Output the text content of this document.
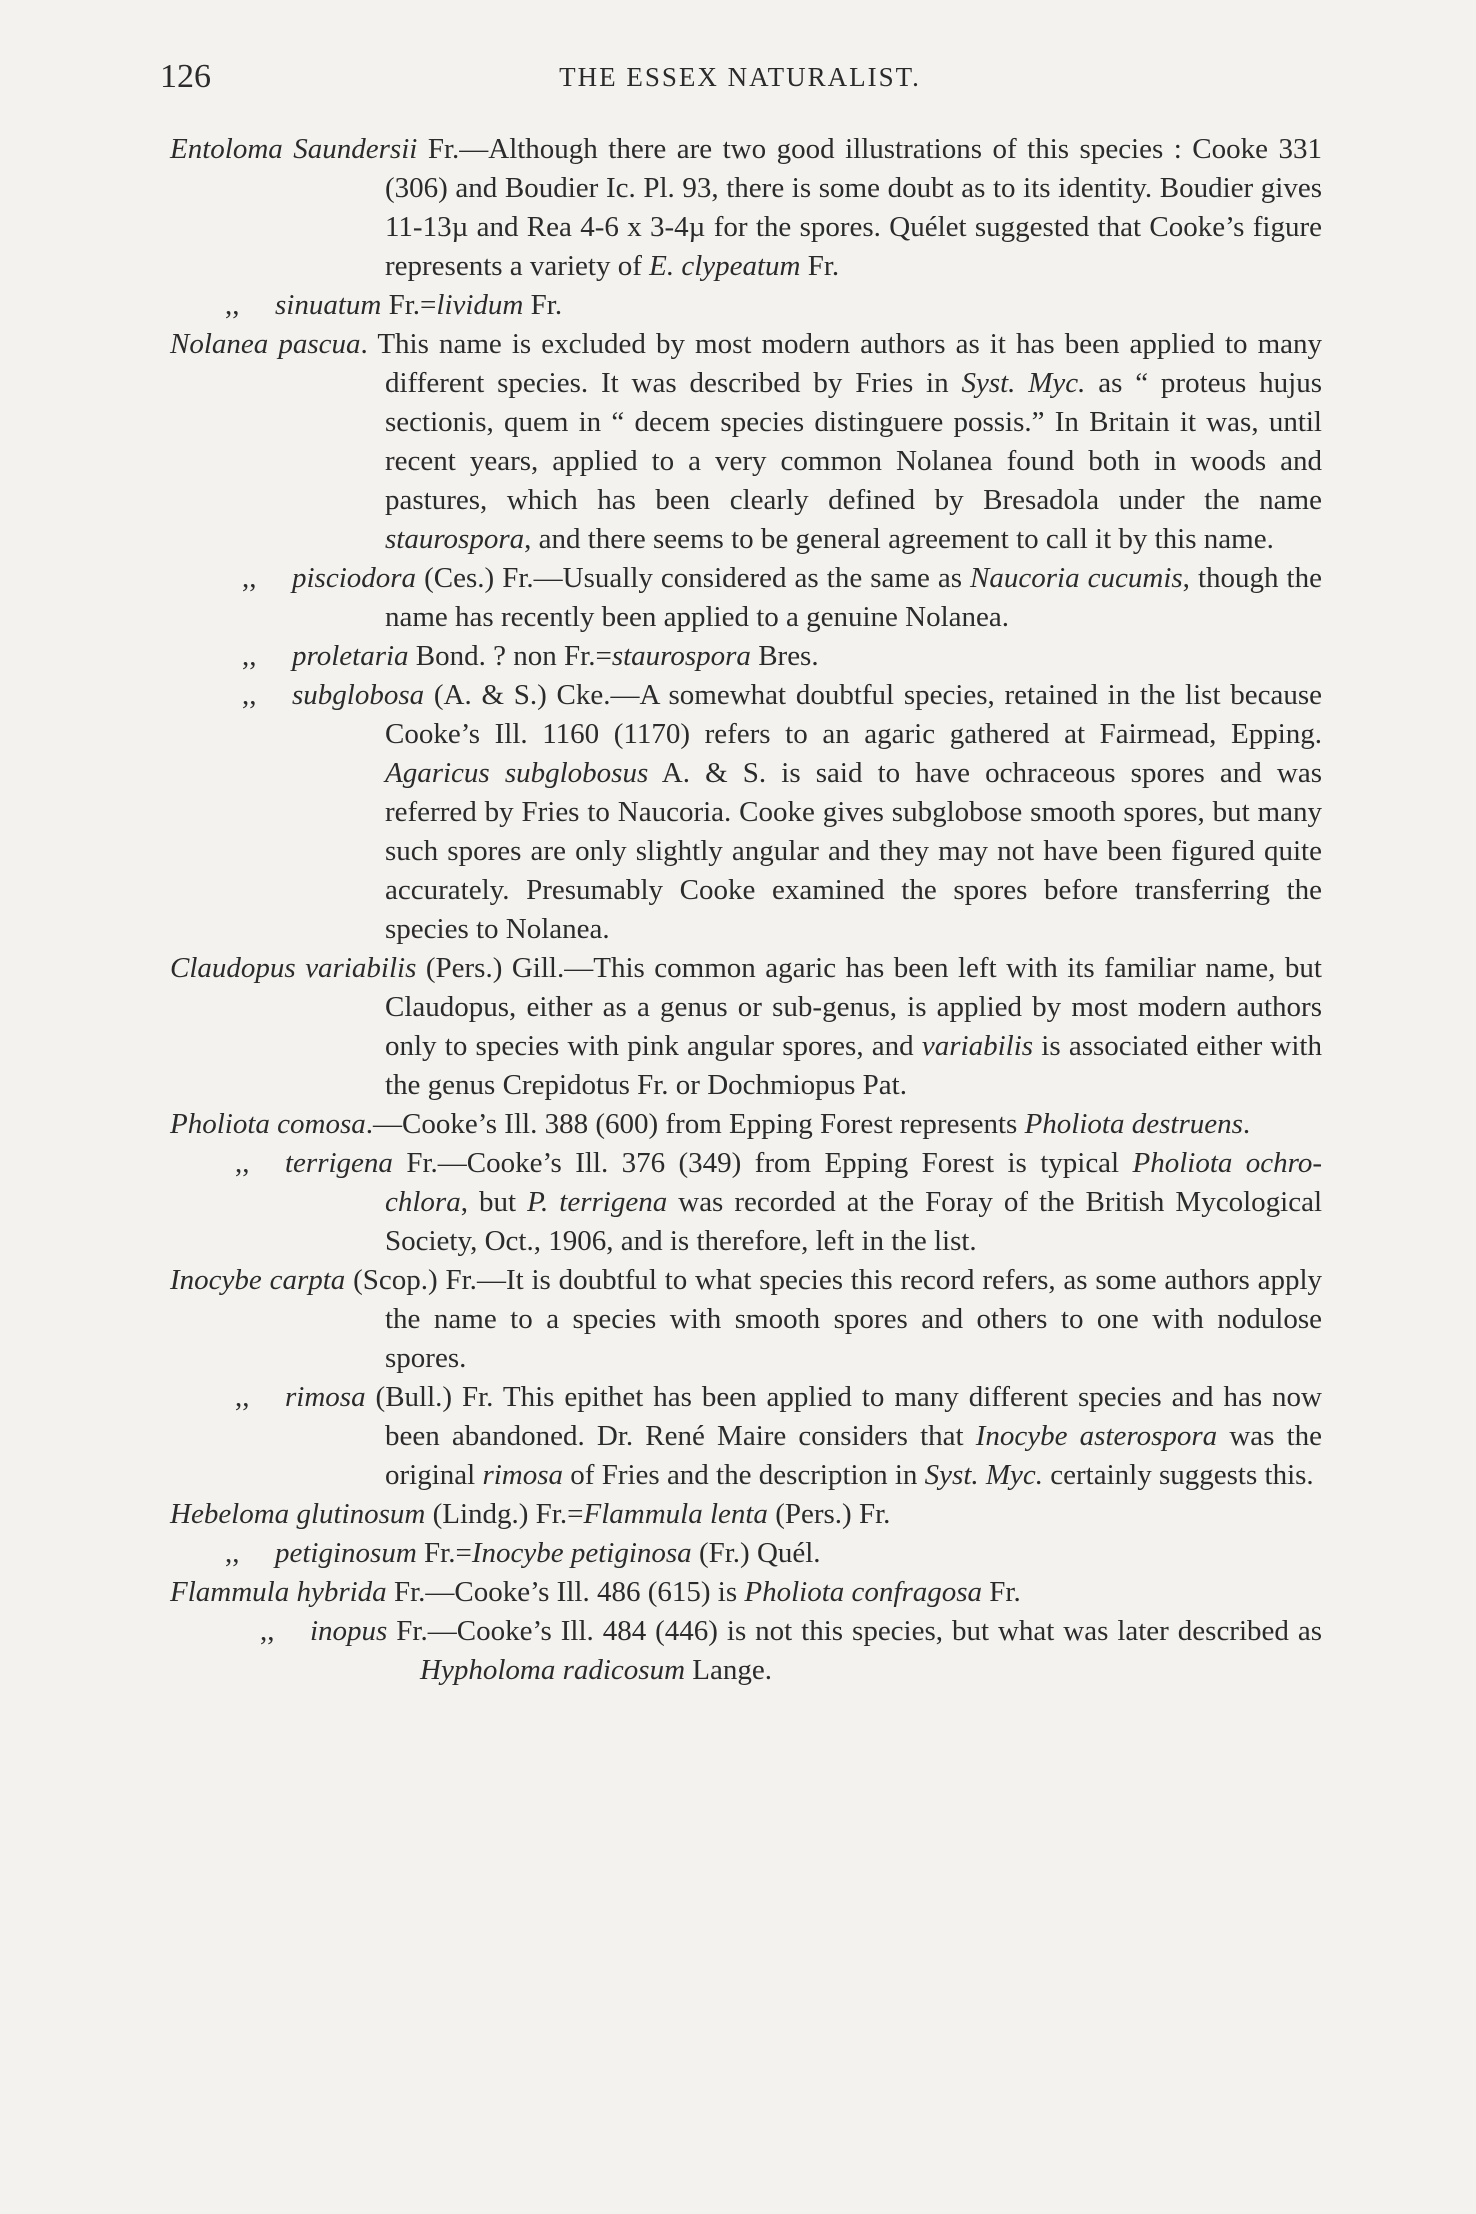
126	THE ESSEX NATURALIST.

Entoloma Saundersii Fr.—Although there are two good illustrations of this species : Cooke 331 (306) and Boudier Ic. Pl. 93, there is some doubt as to its identity. Boudier gives 11-13µ and Rea 4-6 x 3-4µ for the spores. Quélet suggested that Cooke’s figure represents a variety of E. clypeatum Fr.

,, sinuatum Fr.=lividum Fr.

Nolanea pascua. This name is excluded by most modern authors as it has been applied to many different species. It was described by Fries in Syst. Myc. as “ proteus hujus sectionis, quem in “ decem species distinguere possis.” In Britain it was, until recent years, applied to a very common Nolanea found both in woods and pastures, which has been clearly defined by Bresadola under the name staurospora, and there seems to be general agreement to call it by this name.

,, pisciodora (Ces.) Fr.—Usually considered as the same as Naucoria cucumis, though the name has recently been applied to a genuine Nolanea.

,, proletaria Bond. ? non Fr.=staurospora Bres.

,, subglobosa (A. & S.) Cke.—A somewhat doubtful species, retained in the list because Cooke’s Ill. 1160 (1170) refers to an agaric gathered at Fairmead, Epping. Agaricus subglobosus A. & S. is said to have ochraceous spores and was referred by Fries to Naucoria. Cooke gives subglobose smooth spores, but many such spores are only slightly angular and they may not have been figured quite accurately. Presumably Cooke examined the spores before transferring the species to Nolanea.

Claudopus variabilis (Pers.) Gill.—This common agaric has been left with its familiar name, but Claudopus, either as a genus or sub-genus, is applied by most modern authors only to species with pink angular spores, and variabilis is associated either with the genus Crepidotus Fr. or Dochmiopus Pat.

Pholiota comosa.—Cooke’s Ill. 388 (600) from Epping Forest represents Pholiota destruens.

,, terrigena Fr.—Cooke’s Ill. 376 (349) from Epping Forest is typical Pholiota ochro-chlora, but P. terrigena was recorded at the Foray of the British Mycological Society, Oct., 1906, and is therefore, left in the list.

Inocybe carpta (Scop.) Fr.—It is doubtful to what species this record refers, as some authors apply the name to a species with smooth spores and others to one with nodulose spores.

,, rimosa (Bull.) Fr. This epithet has been applied to many different species and has now been abandoned. Dr. René Maire considers that Inocybe asterospora was the original rimosa of Fries and the description in Syst. Myc. certainly suggests this.

Hebeloma glutinosum (Lindg.) Fr.=Flammula lenta (Pers.) Fr.

,, petiginosum Fr.=Inocybe petiginosa (Fr.) Quél.

Flammula hybrida Fr.—Cooke’s Ill. 486 (615) is Pholiota confragosa Fr.

,, inopus Fr.—Cooke’s Ill. 484 (446) is not this species, but what was later described as Hypholoma radicosum Lange.
